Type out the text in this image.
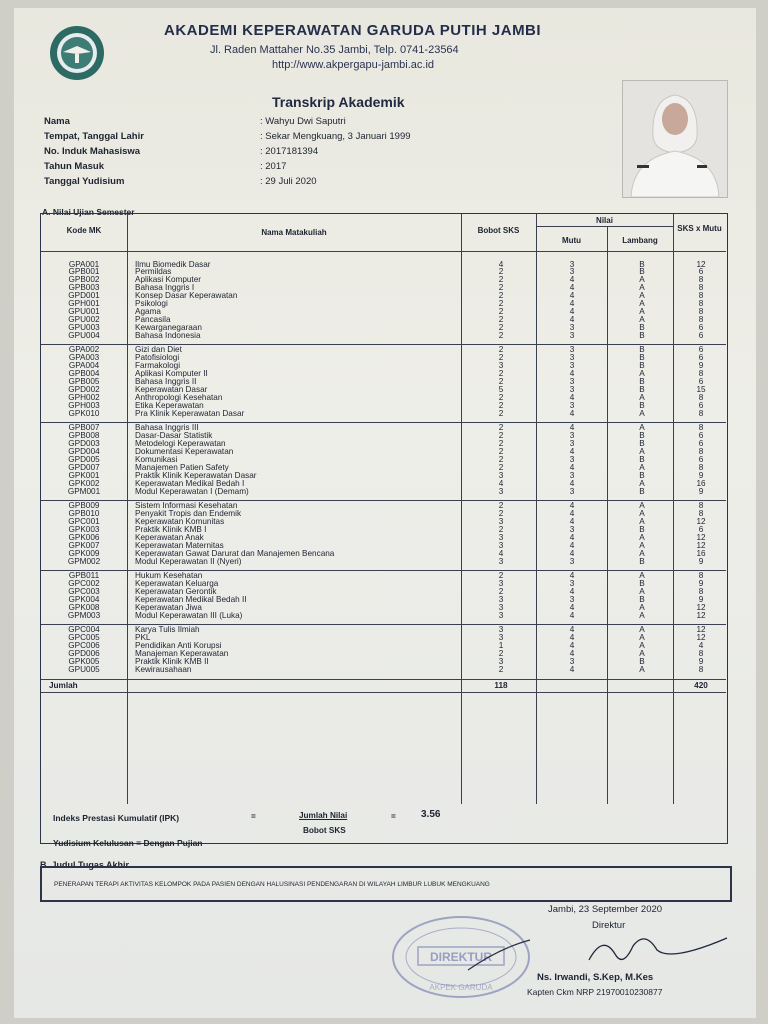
AKADEMI KEPERAWATAN GARUDA PUTIH JAMBI
Jl. Raden Mattaher No.35 Jambi, Telp. 0741-23564
http://www.akpergapu-jambi.ac.id
Transkrip Akademik
Nama	: Wahyu Dwi Saputri
Tempat, Tanggal Lahir	: Sekar Mengkuang, 3 Januari 1999
No. Induk Mahasiswa	: 2017181394
Tahun Masuk	: 2017
Tanggal Yudisium	: 29 Juli 2020
A. Nilai Ujian Semester
Kode MK	Nama Matakuliah	Bobot SKS
Nilai
Mutu	Lambang
SKS x Mutu
Indeks Prestasi Kumulatif (IPK)	=	Jumlah Nilai
Bobot SKS
=	3.56
Yudisium Kelulusan = Dengan Pujian
GPA001	Ilmu Biomedik Dasar	4	3	B	12
GPB001	Permildas	2	3	B	6
GPB002	Aplikasi Komputer	2	4	A	8
GPB003	Bahasa Inggris I	2	4	A	8
GPD001	Konsep Dasar Keperawatan	2	4	A	8
GPH001	Psikologi	2	4	A	8
GPU001	Agama	2	4	A	8
GPU002	Pancasila	2	4	A	8
GPU003	Kewarganegaraan	2	3	B	6
GPU004	Bahasa Indonesia	2	3	B	6
GPA002	Gizi dan Diet	2	3	B	6
GPA003	Patofisiologi	2	3	B	6
GPA004	Farmakologi	3	3	B	9
GPB004	Aplikasi Komputer II	2	4	A	8
GPB005	Bahasa Inggris II	2	3	B	6
GPD002	Keperawatan Dasar	5	3	B	15
GPH002	Anthropologi Kesehatan	2	4	A	8
GPH003	Etika Keperawatan	2	3	B	6
GPK010	Pra Klinik Keperawatan Dasar	2	4	A	8
GPB007	Bahasa Inggris III	2	4	A	8
GPB008	Dasar-Dasar Statistik	2	3	B	6
GPD003	Metodelogi Keperawatan	2	3	B	6
GPD004	Dokumentasi Keperawatan	2	4	A	8
GPD005	Komunikasi	2	3	B	6
GPD007	Manajemen Patien Safety	2	4	A	8
GPK001	Praktik Klinik Keperawatan Dasar	3	3	B	9
GPK002	Keperawatan Medikal Bedah I	4	4	A	16
GPM001	Modul Keperawatan I (Demam)	3	3	B	9
GPB009	Sistem Informasi Kesehatan	2	4	A	8
GPB010	Penyakit Tropis dan Endemik	2	4	A	8
GPC001	Keperawatan Komunitas	3	4	A	12
GPK003	Praktik Klinik KMB I	2	3	B	6
GPK006	Keperawatan Anak	3	4	A	12
GPK007	Keperawatan Maternitas	3	4	A	12
GPK009	Keperawatan Gawat Darurat dan Manajemen Bencana	4	4	A	16
GPM002	Modul Keperawatan II (Nyeri)	3	3	B	9
GPB011	Hukum Kesehatan	2	4	A	8
GPC002	Keperawatan Keluarga	3	3	B	9
GPC003	Keperawatan Gerontik	2	4	A	8
GPK004	Keperawatan Medikal Bedah II	3	3	B	9
GPK008	Keperawatan Jiwa	3	4	A	12
GPM003	Modul Keperawatan III (Luka)	3	4	A	12
GPC004	Karya Tulis Ilmiah	3	4	A	12
GPC005	PKL	3	4	A	12
GPC006	Pendidikan Anti Korupsi	1	4	A	4
GPD006	Manajeman Keperawatan	2	4	A	8
GPK005	Praktik Klinik KMB II	3	3	B	9
GPU005	Kewirausahaan	2	4	A	8
Jumlah	118	420
B. Judul Tugas Akhir
PENERAPAN TERAPI AKTIVITAS KELOMPOK PADA PASIEN DENGAN HALUSINASI PENDENGARAN DI WILAYAH LIMBUR LUBUK MENGKUANG
DIREKTUR
AKPEK GARUDA
Jambi, 23 September 2020
Direktur
Ns. Irwandi, S.Kep, M.Kes
Kapten Ckm NRP 21970010230877
